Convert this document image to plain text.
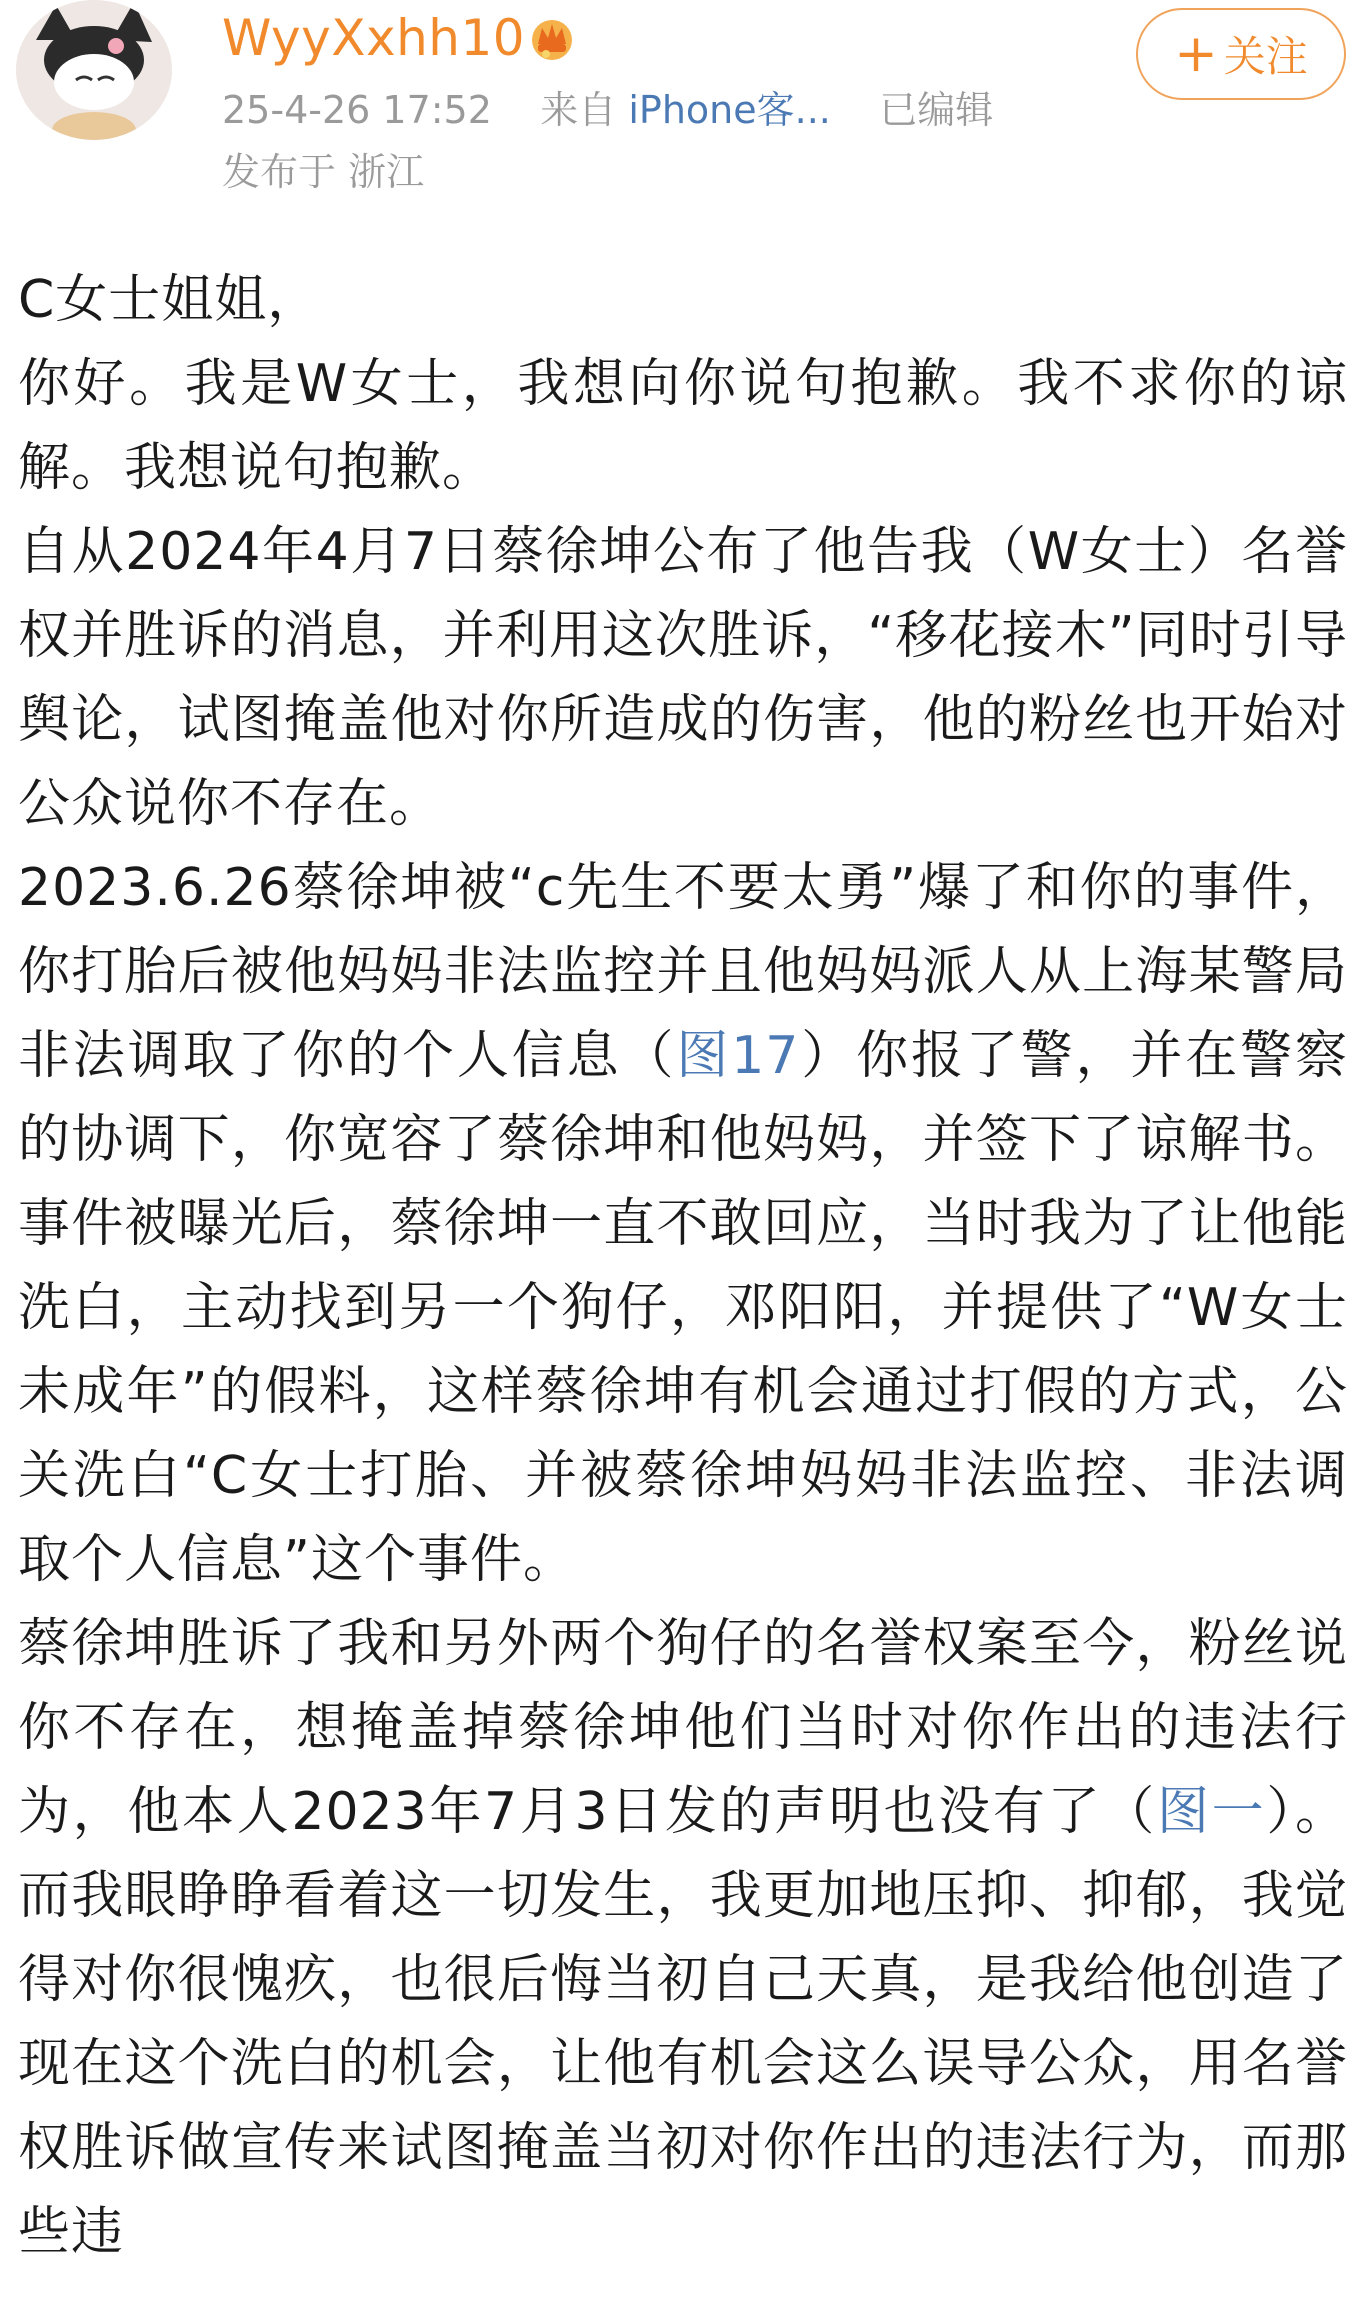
WyyXxhh10
25-4-26 17:52 来自 iPhone客... 已编辑
发布于 浙江
+ 关注

C女士姐姐，

你好。我是W女士，我想向你说句抱歉。我不求你的谅解。我想说句抱歉。

自从2024年4月7日蔡徐坤公布了他告我（W女士）名誉权并胜诉的消息，并利用这次胜诉，“移花接木”同时引导舆论，试图掩盖他对你所造成的伤害，他的粉丝也开始对公众说你不存在。

2023.6.26蔡徐坤被“c先生不要太勇”爆了和你的事件，你打胎后被他妈妈非法监控并且他妈妈派人从上海某警局非法调取了你的个人信息（图17）你报了警，并在警察的协调下，你宽容了蔡徐坤和他妈妈，并签下了谅解书。 事件被曝光后，蔡徐坤一直不敢回应，当时我为了让他能洗白，主动找到另一个狗仔，邓阳阳，并提供了“W女士未成年”的假料，这样蔡徐坤有机会通过打假的方式，公关洗白“C女士打胎、并被蔡徐坤妈妈非法监控、非法调取个人信息”这个事件。

蔡徐坤胜诉了我和另外两个狗仔的名誉权案至今，粉丝说你不存在，想掩盖掉蔡徐坤他们当时对你作出的违法行为，他本人2023年7月3日发的声明也没有了（图一）。而我眼睁睁看着这一切发生，我更加地压抑、抑郁，我觉得对你很愧疚，也很后悔当初自己天真，是我给他创造了现在这个洗白的机会，让他有机会这么误导公众，用名誉权胜诉做宣传来试图掩盖当初对你作出的违法行为，而那些违
